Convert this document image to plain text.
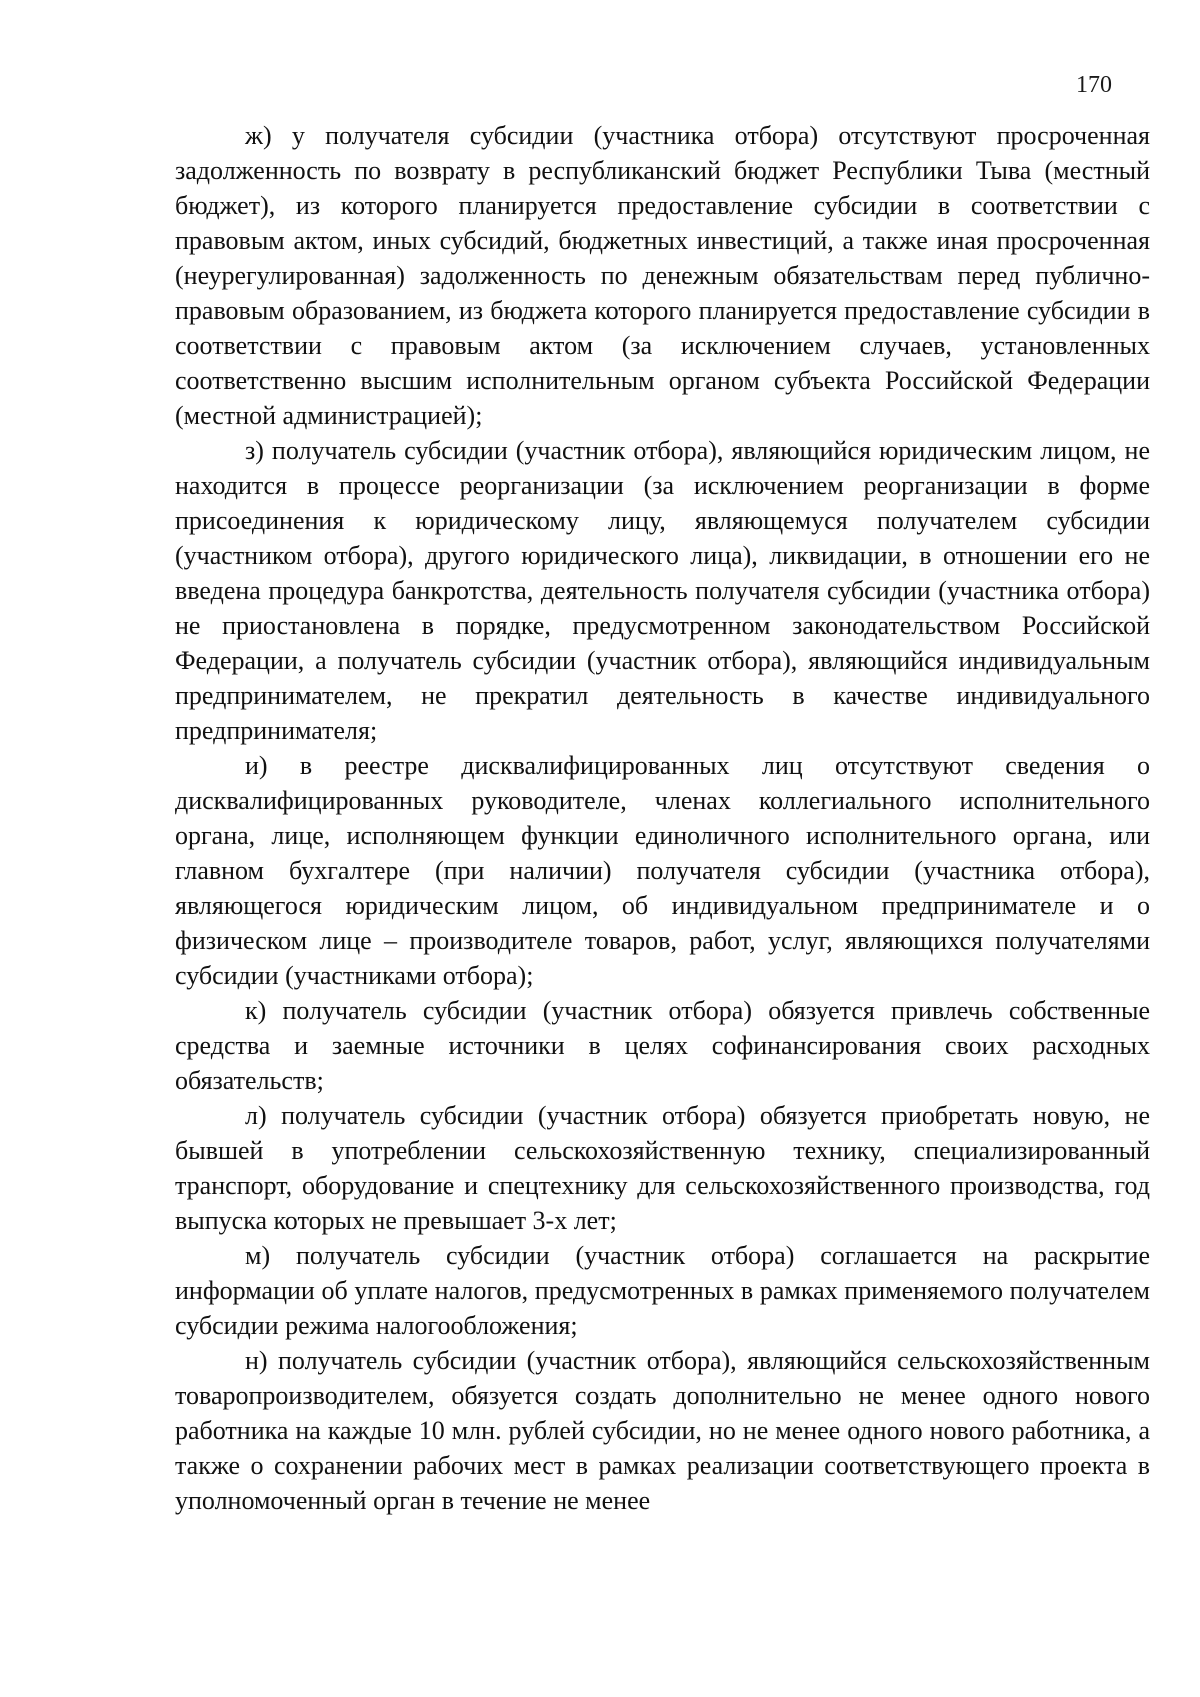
170

ж) у получателя субсидии (участника отбора) отсутствуют просроченная задолженность по возврату в республиканский бюджет Республики Тыва (местный бюджет), из которого планируется предоставление субсидии в соответствии с правовым актом, иных субсидий, бюджетных инвестиций, а также иная просроченная (неурегулированная) задолженность по денежным обязательствам перед публично-правовым образованием, из бюджета которого планируется предоставление субсидии в соответствии с правовым актом (за исключением случаев, установленных соответственно высшим исполнительным органом субъекта Российской Федерации (местной администрацией);

з) получатель субсидии (участник отбора), являющийся юридическим лицом, не находится в процессе реорганизации (за исключением реорганизации в форме присоединения к юридическому лицу, являющемуся получателем субсидии (участником отбора), другого юридического лица), ликвидации, в отношении его не введена процедура банкротства, деятельность получателя субсидии (участника отбора) не приостановлена в порядке, предусмотренном законодательством Российской Федерации, а получатель субсидии (участник отбора), являющийся индивидуальным предпринимателем, не прекратил деятельность в качестве индивидуального предпринимателя;

и) в реестре дисквалифицированных лиц отсутствуют сведения о дисквалифицированных руководителе, членах коллегиального исполнительного органа, лице, исполняющем функции единоличного исполнительного органа, или главном бухгалтере (при наличии) получателя субсидии (участника отбора), являющегося юридическим лицом, об индивидуальном предпринимателе и о физическом лице – производителе товаров, работ, услуг, являющихся получателями субсидии (участниками отбора);

к) получатель субсидии (участник отбора) обязуется привлечь собственные средства и заемные источники в целях софинансирования своих расходных обязательств;

л) получатель субсидии (участник отбора) обязуется приобретать новую, не бывшей в употреблении сельскохозяйственную технику, специализированный транспорт, оборудование и спецтехнику для сельскохозяйственного производства, год выпуска которых не превышает 3-х лет;

м) получатель субсидии (участник отбора) соглашается на раскрытие информации об уплате налогов, предусмотренных в рамках применяемого получателем субсидии режима налогообложения;

н) получатель субсидии (участник отбора), являющийся сельскохозяйственным товаропроизводителем, обязуется создать дополнительно не менее одного нового работника на каждые 10 млн. рублей субсидии, но не менее одного нового работника, а также о сохранении рабочих мест в рамках реализации соответствующего проекта в уполномоченный орган в течение не менее
